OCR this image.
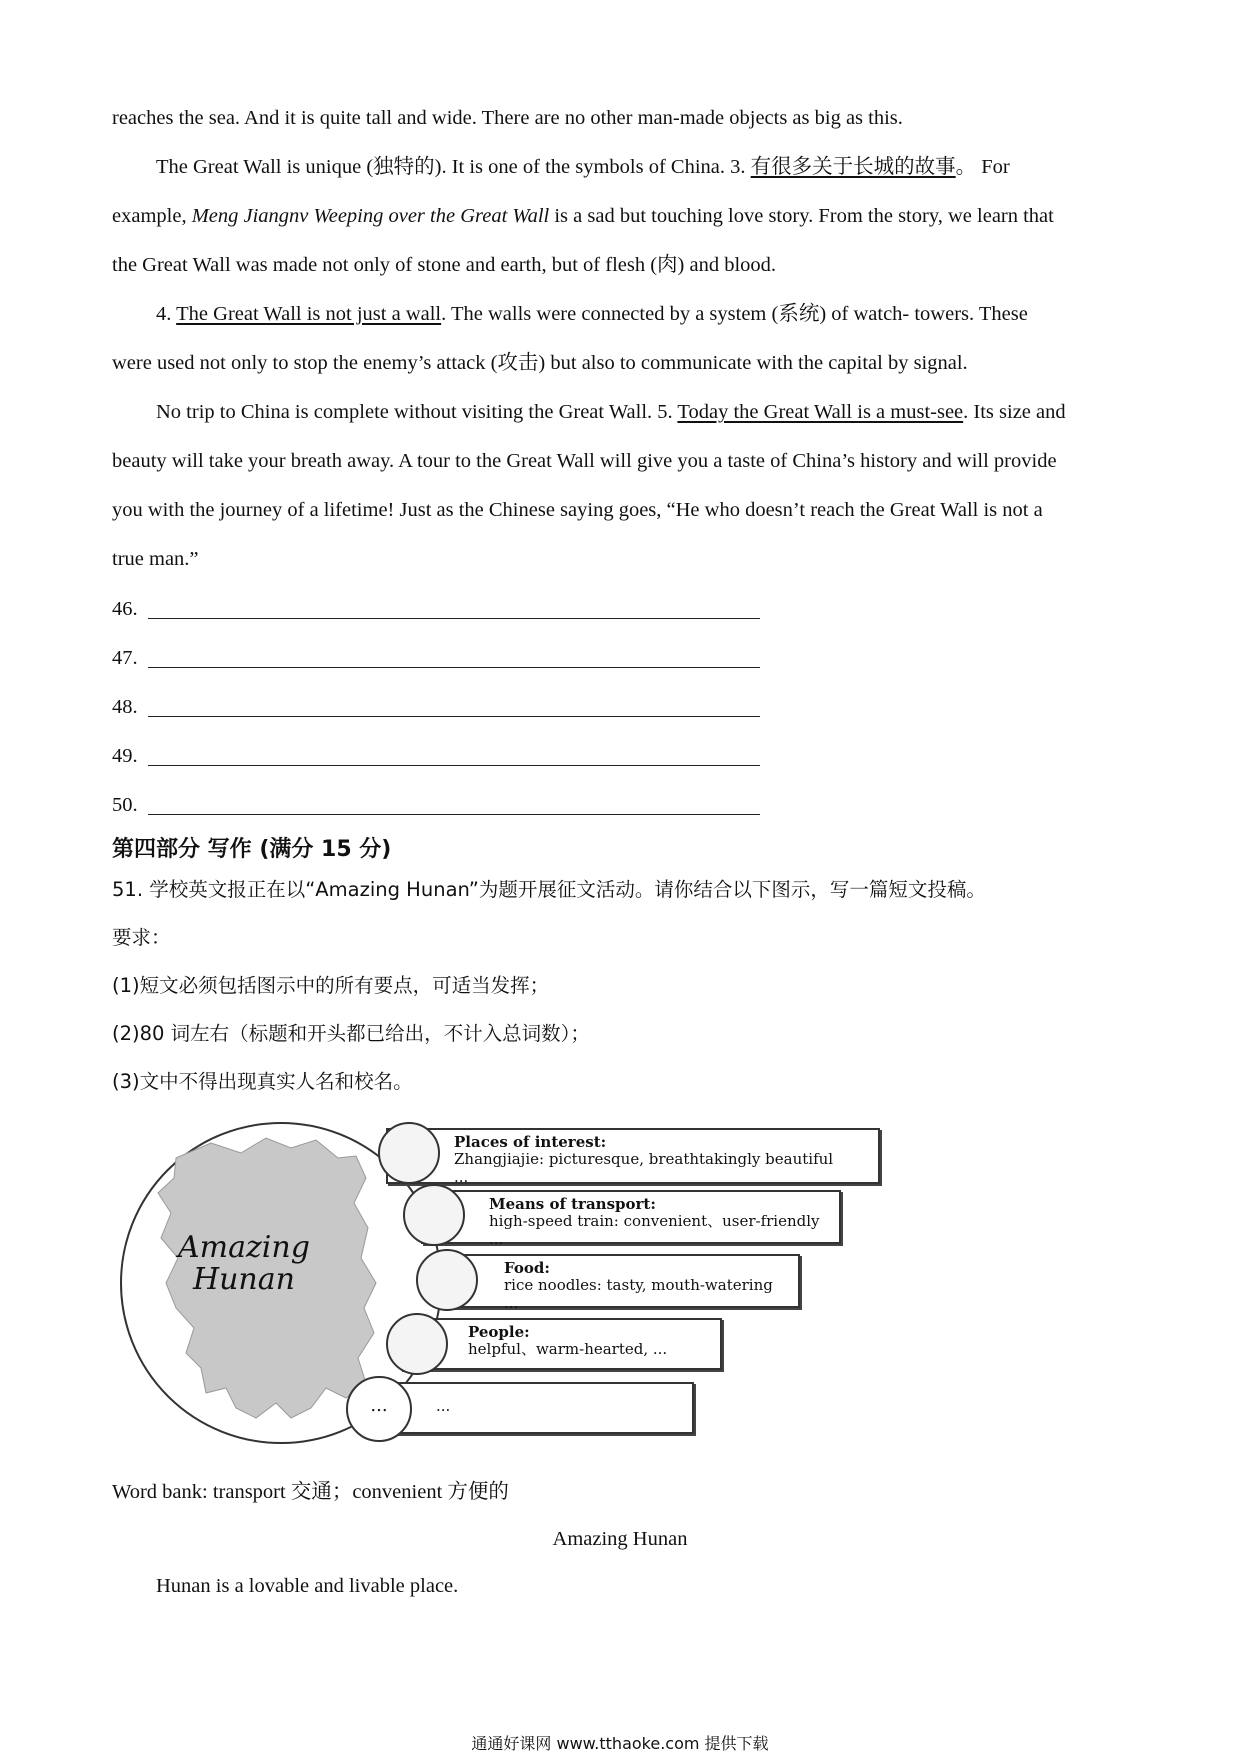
reaches the sea. And it is quite tall and wide. There are no other man-made objects as big as this.
The Great Wall is unique (独特的). It is one of the symbols of China. 3. 有很多关于长城的故事。 For
example, Meng Jiangnv Weeping over the Great Wall is a sad but touching love story. From the story, we learn that
the Great Wall was made not only of stone and earth, but of flesh (肉) and blood.
4. The Great Wall is not just a wall. The walls were connected by a system (系统) of watch- towers. These
were used not only to stop the enemy’s attack (攻击) but also to communicate with the capital by signal.
No trip to China is complete without visiting the Great Wall. 5. Today the Great Wall is a must-see. Its size and
beauty will take your breath away. A tour to the Great Wall will give you a taste of China’s history and will provide
you with the journey of a lifetime! Just as the Chinese saying goes, “He who doesn’t reach the Great Wall is not a
true man.”
46.
47.
48.
49.
50.
第四部分 写作 (满分 15 分)
51. 学校英文报正在以“Amazing Hunan”为题开展征文活动。请你结合以下图示，写一篇短文投稿。
要求：
(1)短文必须包括图示中的所有要点，可适当发挥；
(2)80 词左右（标题和开头都已给出，不计入总词数）；
(3)文中不得出现真实人名和校名。
Amazing
Hunan
Places of interest:
Zhangjiajie: picturesque, breathtakingly beautiful
...
Means of transport:
high-speed train: convenient、user-friendly
...
Food:
rice noodles: tasty, mouth-watering
...
People:
helpful、warm-hearted, ...
...
...
Word bank: transport 交通；convenient 方便的
Amazing Hunan
Hunan is a lovable and livable place.
通通好课网 www.tthaoke.com 提供下载
